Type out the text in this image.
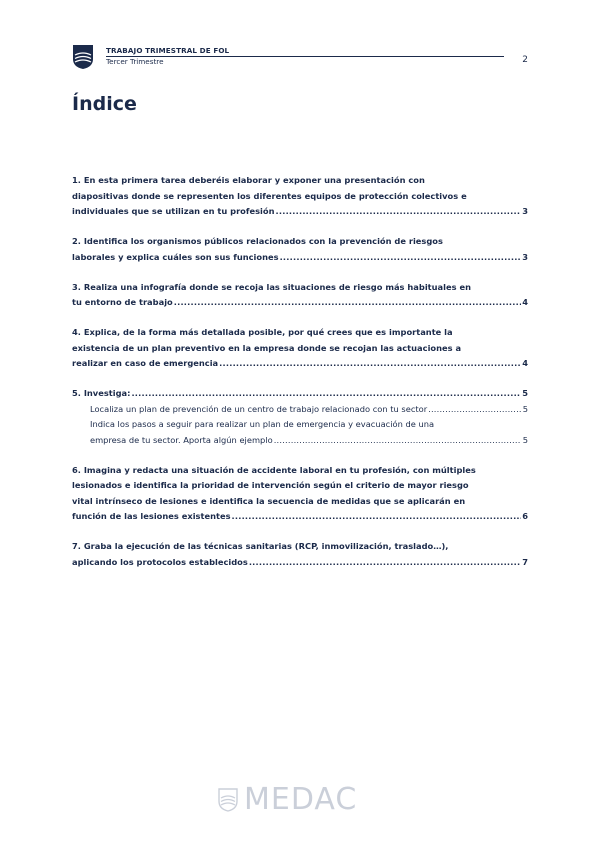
TRABAJO TRIMESTRAL DE FOL
Tercer Trimestre	2
Índice
1. En esta primera tarea deberéis elaborar y exponer una presentación con
diapositivas donde se representen los diferentes equipos de protección colectivos e
individuales que se utilizan en tu profesión .....	3
2. Identifica los organismos públicos relacionados con la prevención de riesgos
laborales y explica cuáles son sus funciones .....	3
3. Realiza una infografía donde se recoja las situaciones de riesgo más habituales en
tu entorno de trabajo .....	4
4. Explica, de la forma más detallada posible, por qué crees que es importante la
existencia de un plan preventivo en la empresa donde se recojan las actuaciones a
realizar en caso de emergencia .....	4
5. Investiga: .....	5
Localiza un plan de prevención de un centro de trabajo relacionado con tu sector .....	5
Indica los pasos a seguir para realizar un plan de emergencia y evacuación de una
empresa de tu sector. Aporta algún ejemplo .....	5
6. Imagina y redacta una situación de accidente laboral en tu profesión, con múltiples
lesionados e identifica la prioridad de intervención según el criterio de mayor riesgo
vital intrínseco de lesiones e identifica la secuencia de medidas que se aplicarán en
función de las lesiones existentes .....	6
7. Graba la ejecución de las técnicas sanitarias (RCP, inmovilización, traslado…),
aplicando los protocolos establecidos .....	7
MEDAC
